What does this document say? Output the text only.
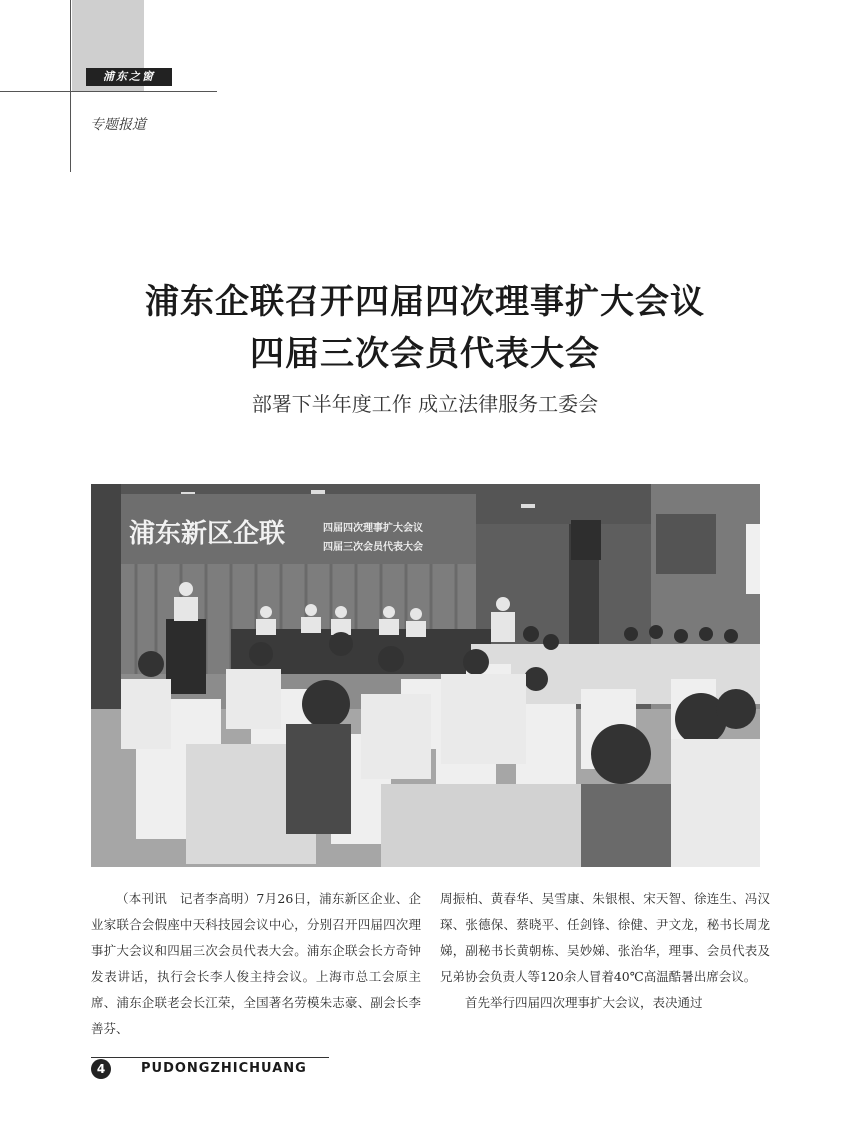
浦东之窗
专题报道
浦东企联召开四届四次理事扩大会议
四届三次会员代表大会
部署下半年度工作 成立法律服务工委会
浦东新区企联	四届四次理事扩大会议
四届三次会员代表大会

（本刊讯　记者李高明）7月26日，浦东新区企业、企业家联合会假座中天科技园会议中心，分别召开四届四次理事扩大会议和四届三次会员代表大会。浦东企联会长方奇钟发表讲话，执行会长李人俊主持会议。上海市总工会原主席、浦东企联老会长江荣，全国著名劳模朱志豪、副会长李善芬、

周振柏、黄春华、吴雪康、朱银根、宋天智、徐连生、冯汉琛、张德保、蔡晓平、任剑锋、徐健、尹文龙，秘书长周龙娣，副秘书长黄朝栋、吴妙娣、张治华，理事、会员代表及兄弟协会负责人等120余人冒着40℃高温酷暑出席会议。

首先举行四届四次理事扩大会议，表决通过

4	PUDONGZHICHUANG
